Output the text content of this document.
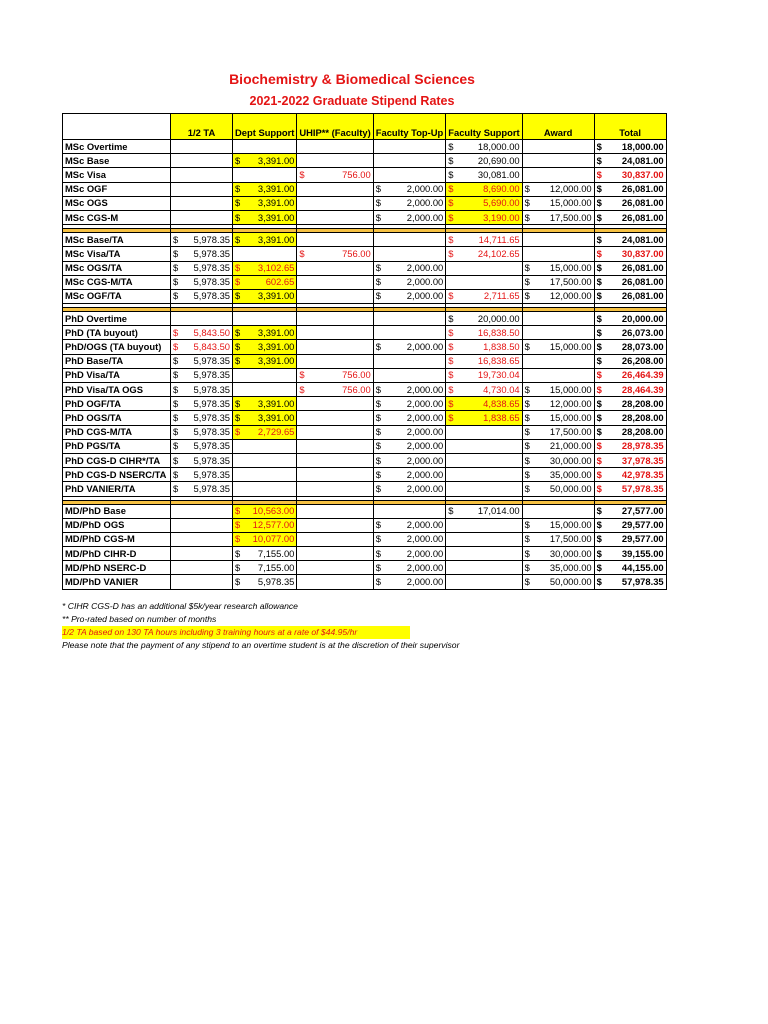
Biochemistry & Biomedical Sciences
2021-2022 Graduate Stipend Rates
	1/2 TA	Dept Support	UHIP** (Faculty)	Faculty Top-Up	Faculty Support	Award	Total
MSc Overtime					$ 18,000.00		$ 18,000.00

MSc Base		$ 3,391.00			$ 20,690.00		$ 24,081.00

MSc Visa			$ 756.00		$ 30,081.00		$ 30,837.00

MSc OGF		$ 3,391.00		$ 2,000.00	$ 8,690.00	$ 12,000.00	$ 26,081.00

MSc OGS		$ 3,391.00		$ 2,000.00	$ 5,690.00	$ 15,000.00	$ 26,081.00

MSc CGS-M		$ 3,391.00		$ 2,000.00	$ 3,190.00	$ 17,500.00	$ 26,081.00

MSc Base/TA	$ 5,978.35	$ 3,391.00			$ 14,711.65		$ 24,081.00

MSc Visa/TA	$ 5,978.35		$ 756.00		$ 24,102.65		$ 30,837.00

MSc OGS/TA	$ 5,978.35	$ 3,102.65		$ 2,000.00		$ 15,000.00	$ 26,081.00

MSc CGS-M/TA	$ 5,978.35	$ 602.65		$ 2,000.00		$ 17,500.00	$ 26,081.00

MSc OGF/TA	$ 5,978.35	$ 3,391.00		$ 2,000.00	$ 2,711.65	$ 12,000.00	$ 26,081.00

PhD Overtime					$ 20,000.00		$ 20,000.00

PhD (TA buyout)	$ 5,843.50	$ 3,391.00			$ 16,838.50		$ 26,073.00

PhD/OGS (TA buyout)	$ 5,843.50	$ 3,391.00		$ 2,000.00	$ 1,838.50	$ 15,000.00	$ 28,073.00

PhD Base/TA	$ 5,978.35	$ 3,391.00			$ 16,838.65		$ 26,208.00

PhD Visa/TA	$ 5,978.35		$ 756.00		$ 19,730.04		$ 26,464.39

PhD Visa/TA OGS	$ 5,978.35		$ 756.00	$ 2,000.00	$ 4,730.04	$ 15,000.00	$ 28,464.39

PhD OGF/TA	$ 5,978.35	$ 3,391.00		$ 2,000.00	$ 4,838.65	$ 12,000.00	$ 28,208.00

PhD OGS/TA	$ 5,978.35	$ 3,391.00		$ 2,000.00	$ 1,838.65	$ 15,000.00	$ 28,208.00

PhD CGS-M/TA	$ 5,978.35	$ 2,729.65		$ 2,000.00		$ 17,500.00	$ 28,208.00

PhD PGS/TA	$ 5,978.35			$ 2,000.00		$ 21,000.00	$ 28,978.35

PhD CGS-D CIHR*/TA	$ 5,978.35			$ 2,000.00		$ 30,000.00	$ 37,978.35

PhD CGS-D NSERC/TA	$ 5,978.35			$ 2,000.00		$ 35,000.00	$ 42,978.35

PhD VANIER/TA	$ 5,978.35			$ 2,000.00		$ 50,000.00	$ 57,978.35

MD/PhD Base		$ 10,563.00			$ 17,014.00		$ 27,577.00

MD/PhD OGS		$ 12,577.00		$ 2,000.00		$ 15,000.00	$ 29,577.00

MD/PhD CGS-M		$ 10,077.00		$ 2,000.00		$ 17,500.00	$ 29,577.00

MD/PhD CIHR-D		$ 7,155.00		$ 2,000.00		$ 30,000.00	$ 39,155.00

MD/PhD NSERC-D		$ 7,155.00		$ 2,000.00		$ 35,000.00	$ 44,155.00

MD/PhD VANIER		$ 5,978.35		$ 2,000.00		$ 50,000.00	$ 57,978.35
* CIHR CGS-D has an additional $5k/year research allowance
** Pro-rated based on number of months
1/2 TA based on 130 TA hours including 3 training hours at a rate of $44.95/hr
Please note that the payment of any stipend to an overtime student is at the discretion of their supervisor
